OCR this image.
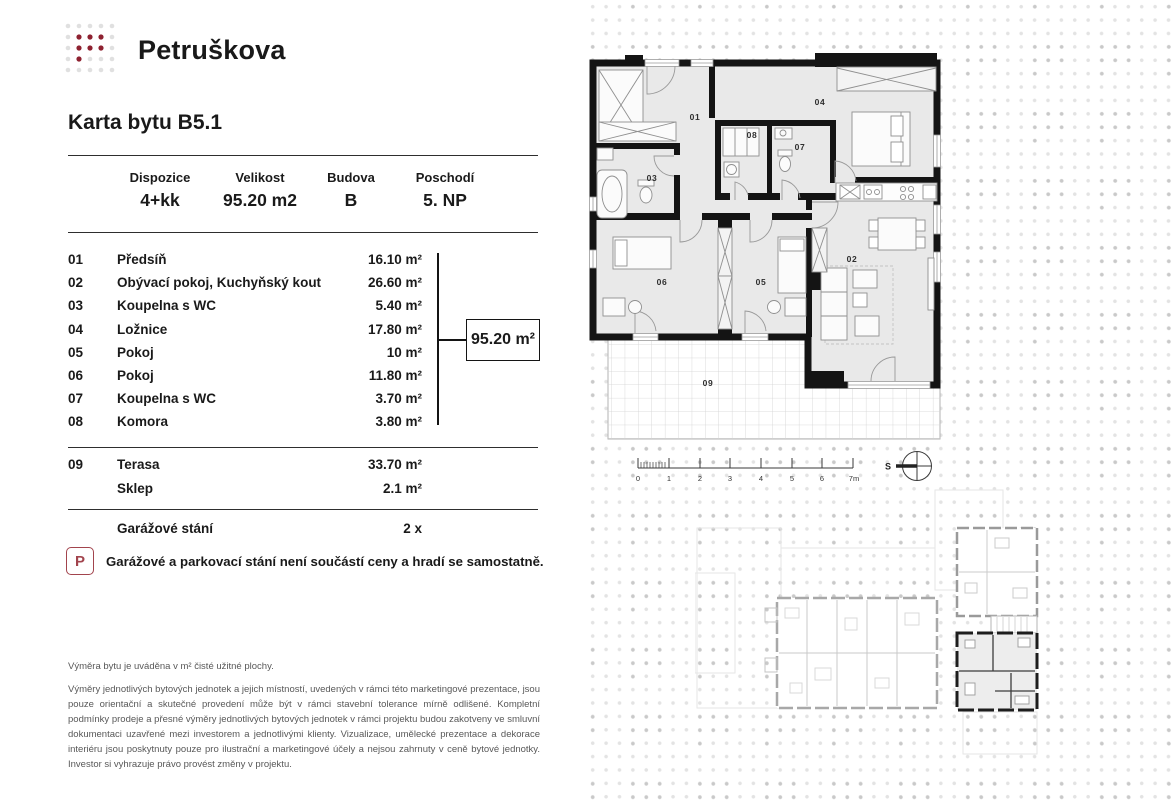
01
02
03
04
05
06
07
08
09
0	1	2	3	4	5	6	7m
S
Petruškova
Karta bytu B5.1
Dispozice
4+kk
Velikost
95.20 m2
Budova
B
Poschodí
5. NP
01	Předsíň	16.10 m²
02	Obývací pokoj, Kuchyňský kout	26.60 m²
03	Koupelna s WC	5.40 m²
04	Ložnice	17.80 m²
05	Pokoj	10 m²
06	Pokoj	11.80 m²
07	Koupelna s WC	3.70 m²
08	Komora	3.80 m²
95.20 m²
09	Terasa	33.70 m²
Sklep	2.1 m²
Garážové stání	2 x
P Garážové a parkovací stání není součástí ceny a hradí se samostatně.
Výměra bytu je uváděna v m² čisté užitné plochy.
Výměry jednotlivých bytových jednotek a jejich místností, uvedených v rámci této marketingové prezentace, jsou pouze orientační a skutečné provedení může být v rámci stavební tolerance mírně odlišené. Kompletní podmínky prodeje a přesné výměry jednotlivých bytových jednotek v rámci projektu budou zakotveny ve smluvní dokumentaci uzavřené mezi investorem a jednotlivými klienty. Vizualizace, umělecké prezentace a dekorace interiéru jsou poskytnuty pouze pro ilustrační a marketingové účely a nejsou zahrnuty v ceně bytové jednotky. Investor si vyhrazuje právo provést změny v projektu.
